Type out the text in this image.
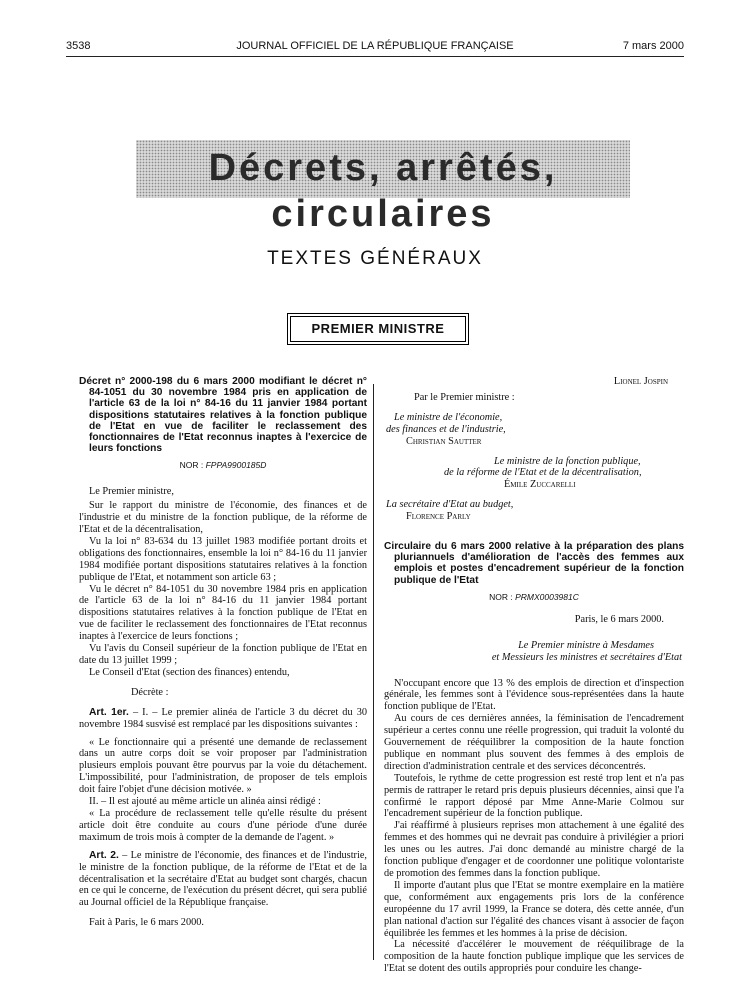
3538	JOURNAL OFFICIEL DE LA RÉPUBLIQUE FRANÇAISE	7 mars 2000
Décrets, arrêtés, circulaires
TEXTES GÉNÉRAUX
PREMIER MINISTRE
Décret n° 2000-198 du 6 mars 2000 modifiant le décret n° 84-1051 du 30 novembre 1984 pris en application de l'article 63 de la loi n° 84-16 du 11 janvier 1984 portant dispositions statutaires relatives à la fonction publique de l'Etat en vue de faciliter le reclassement des fonctionnaires de l'Etat reconnus inaptes à l'exercice de leurs fonctions
NOR : FPPA9900185D

Le Premier ministre,

Sur le rapport du ministre de l'économie, des finances et de l'industrie et du ministre de la fonction publique, de la réforme de l'Etat et de la décentralisation,

Vu la loi n° 83-634 du 13 juillet 1983 modifiée portant droits et obligations des fonctionnaires, ensemble la loi n° 84-16 du 11 janvier 1984 modifiée portant dispositions statutaires relatives à la fonction publique de l'Etat, et notamment son article 63 ;

Vu le décret n° 84-1051 du 30 novembre 1984 pris en application de l'article 63 de la loi n° 84-16 du 11 janvier 1984 portant dispositions statutaires relatives à la fonction publique de l'Etat en vue de faciliter le reclassement des fonctionnaires de l'Etat reconnus inaptes à l'exercice de leurs fonctions ;

Vu l'avis du Conseil supérieur de la fonction publique de l'Etat en date du 13 juillet 1999 ;

Le Conseil d'Etat (section des finances) entendu,

Décrète :

Art. 1er. – I. – Le premier alinéa de l'article 3 du décret du 30 novembre 1984 susvisé est remplacé par les dispositions suivantes :

« Le fonctionnaire qui a présenté une demande de reclassement dans un autre corps doit se voir proposer par l'administration plusieurs emplois pouvant être pourvus par la voie du détachement. L'impossibilité, pour l'administration, de proposer de tels emplois doit faire l'objet d'une décision motivée. »

II. – Il est ajouté au même article un alinéa ainsi rédigé :

« La procédure de reclassement telle qu'elle résulte du présent article doit être conduite au cours d'une période d'une durée maximum de trois mois à compter de la demande de l'agent. »

Art. 2. – Le ministre de l'économie, des finances et de l'industrie, le ministre de la fonction publique, de la réforme de l'Etat et de la décentralisation et la secrétaire d'Etat au budget sont chargés, chacun en ce qui le concerne, de l'exécution du présent décret, qui sera publié au Journal officiel de la République française.

Fait à Paris, le 6 mars 2000.

Lionel Jospin
Par le Premier ministre :
Le ministre de l'économie,
des finances et de l'industrie,
Christian Sautter
Le ministre de la fonction publique,
de la réforme de l'Etat et de la décentralisation,
Émile Zuccarelli
La secrétaire d'Etat au budget,
Florence Parly
Circulaire du 6 mars 2000 relative à la préparation des plans pluriannuels d'amélioration de l'accès des femmes aux emplois et postes d'encadrement supérieur de la fonction publique de l'Etat
NOR : PRMX0003981C
Paris, le 6 mars 2000.
Le Premier ministre à Mesdames
et Messieurs les ministres et secrétaires d'Etat

N'occupant encore que 13 % des emplois de direction et d'inspection générale, les femmes sont à l'évidence sous-représentées dans la haute fonction publique de l'Etat.

Au cours de ces dernières années, la féminisation de l'encadrement supérieur a certes connu une réelle progression, qui traduit la volonté du Gouvernement de rééquilibrer la composition de la haute fonction publique en nommant plus souvent des femmes à des emplois de direction d'administration centrale et des services déconcentrés.

Toutefois, le rythme de cette progression est resté trop lent et n'a pas permis de rattraper le retard pris depuis plusieurs décennies, ainsi que l'a confirmé le rapport déposé par Mme Anne-Marie Colmou sur l'encadrement supérieur de la fonction publique.

J'ai réaffirmé à plusieurs reprises mon attachement à une égalité des femmes et des hommes qui ne devrait pas conduire à privilégier a priori les unes ou les autres. J'ai donc demandé au ministre chargé de la fonction publique d'engager et de coordonner une politique volontariste de promotion des femmes dans la fonction publique.

Il importe d'autant plus que l'Etat se montre exemplaire en la matière que, conformément aux engagements pris lors de la conférence européenne du 17 avril 1999, la France se dotera, dès cette année, d'un plan national d'action sur l'égalité des chances visant à associer de façon équilibrée les femmes et les hommes à la prise de décision.

La nécessité d'accélérer le mouvement de rééquilibrage de la composition de la haute fonction publique implique que les services de l'Etat se dotent des outils appropriés pour conduire les change-
